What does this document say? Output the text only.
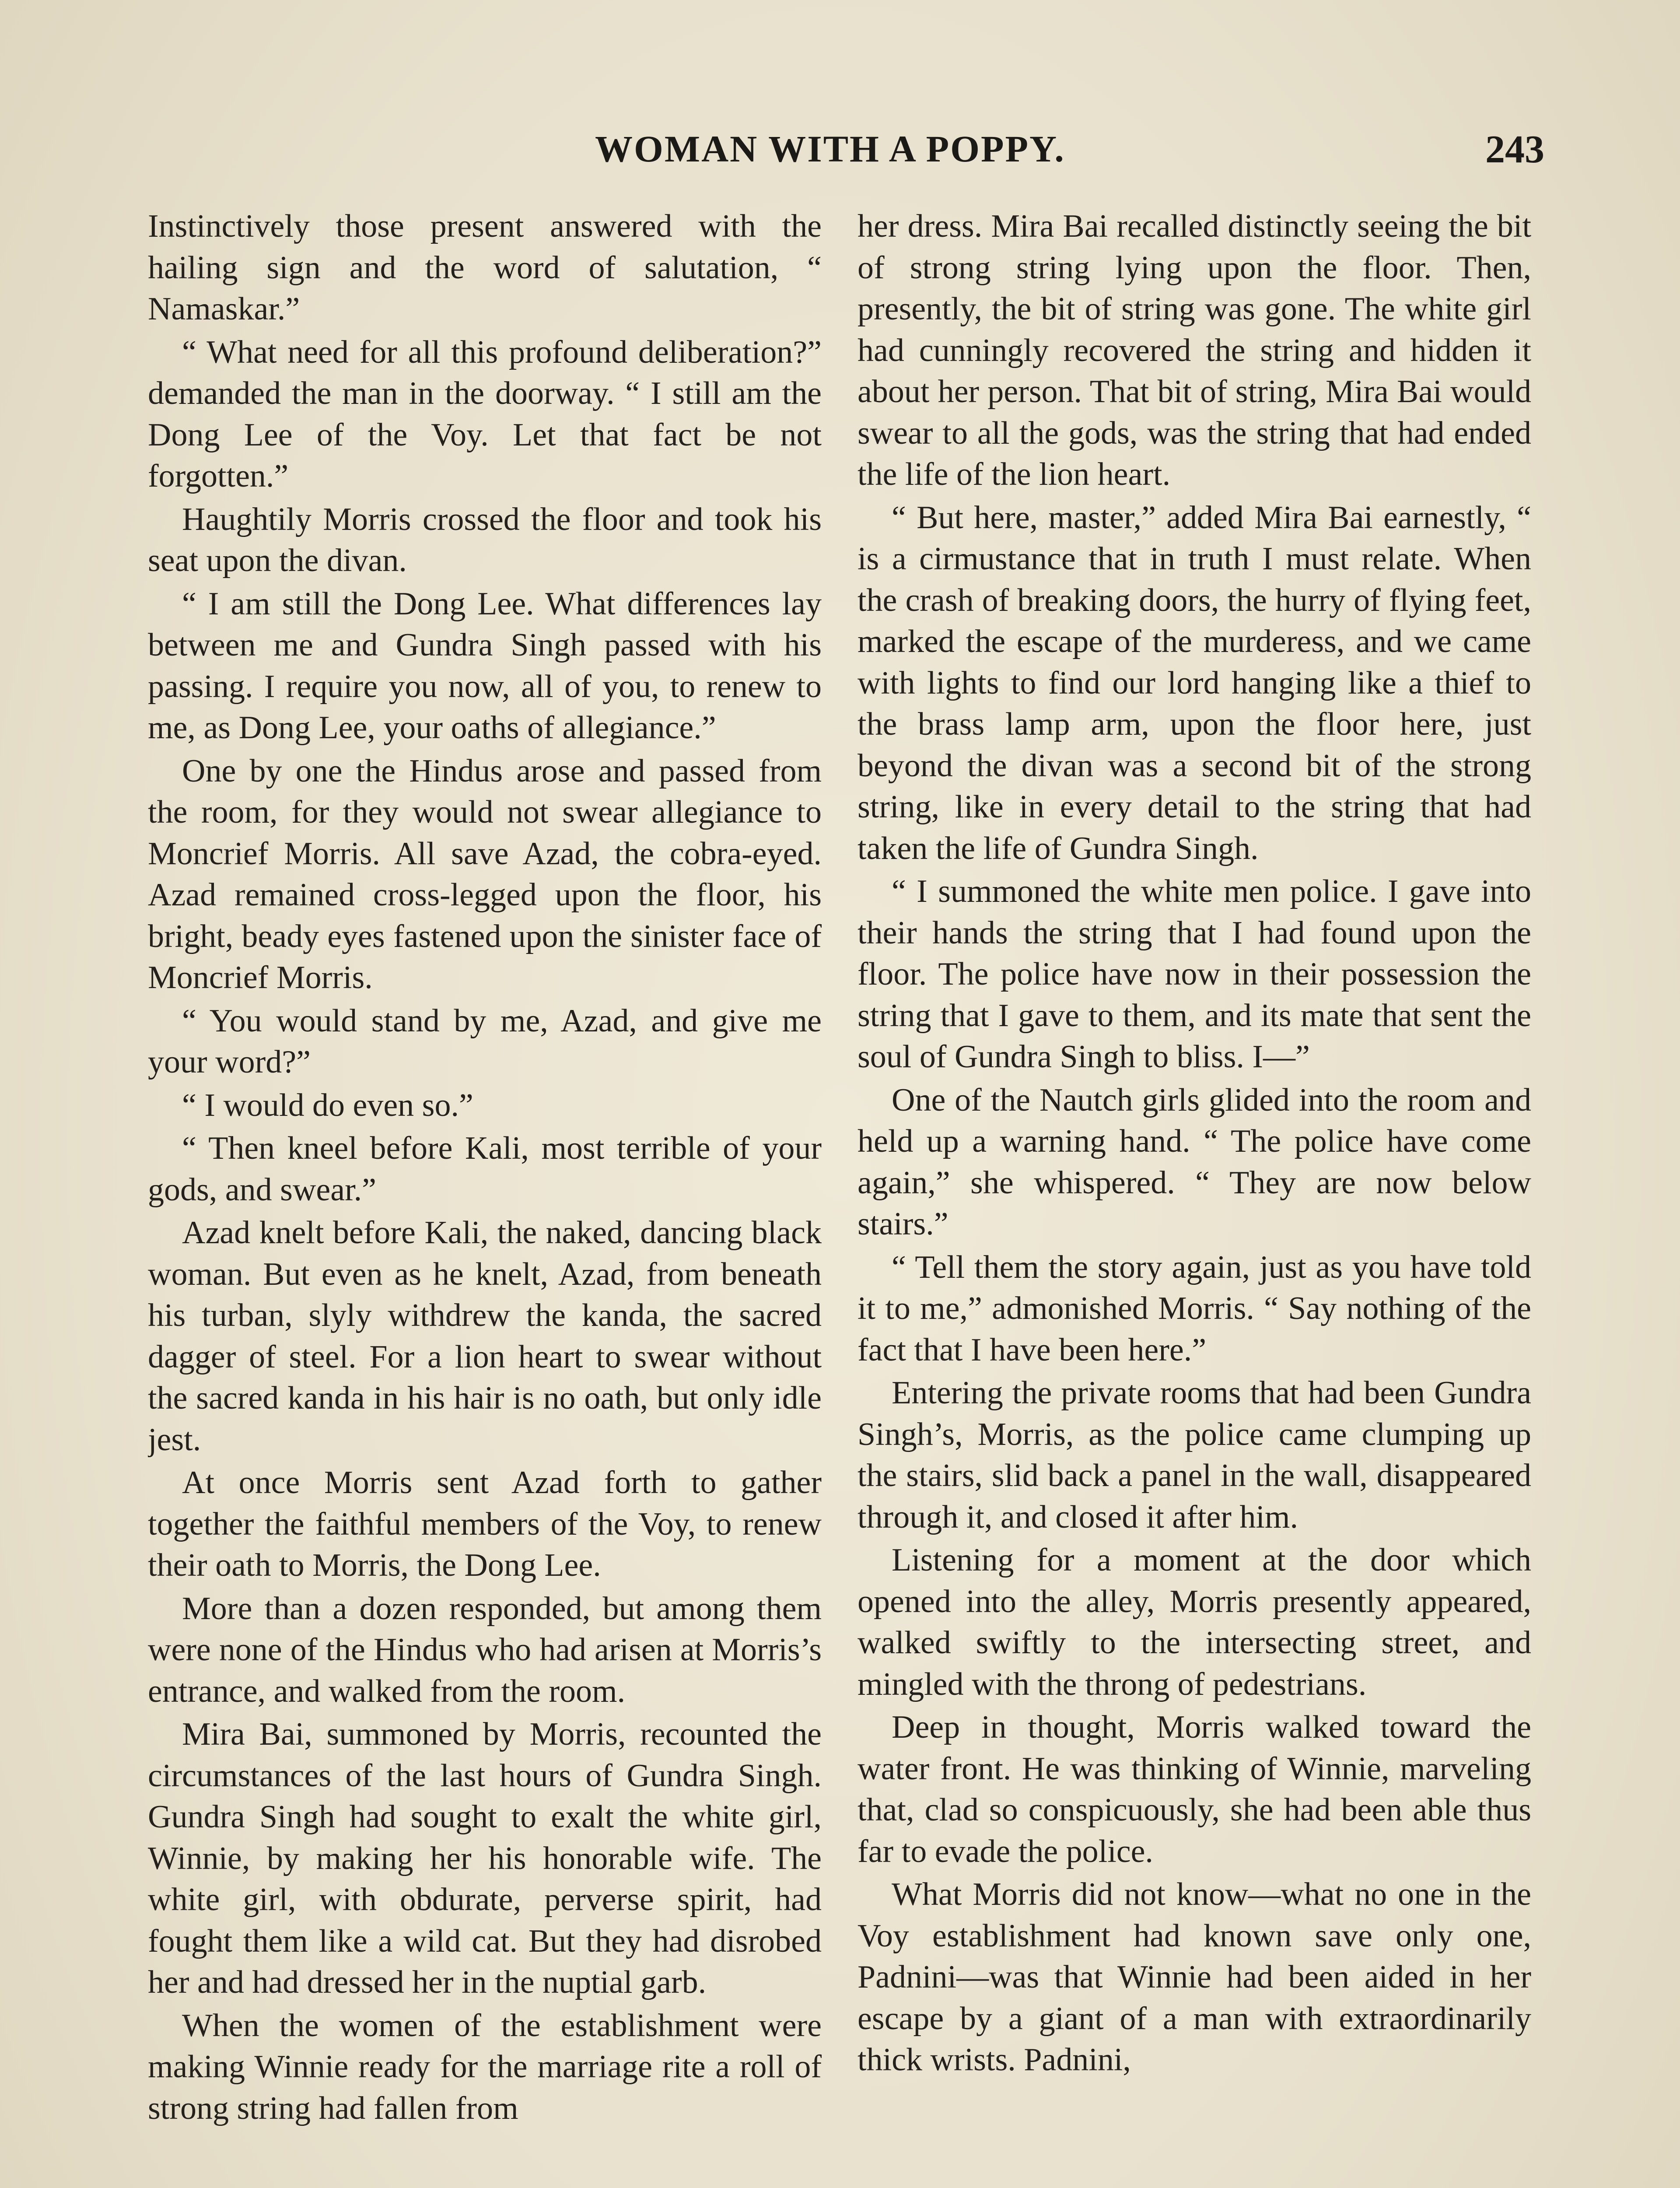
WOMAN WITH A POPPY.	243

Instinctively those present answered with the hailing sign and the word of salutation, “ Namaskar.”

“ What need for all this profound deliberation?” demanded the man in the doorway. “ I still am the Dong Lee of the Voy. Let that fact be not forgotten.”

Haughtily Morris crossed the floor and took his seat upon the divan.

“ I am still the Dong Lee. What differences lay between me and Gundra Singh passed with his passing. I require you now, all of you, to renew to me, as Dong Lee, your oaths of allegiance.”

One by one the Hindus arose and passed from the room, for they would not swear allegiance to Moncrief Morris. All save Azad, the cobra-eyed. Azad remained cross-legged upon the floor, his bright, beady eyes fastened upon the sinister face of Moncrief Morris.

“ You would stand by me, Azad, and give me your word?”

“ I would do even so.”

“ Then kneel before Kali, most terrible of your gods, and swear.”

Azad knelt before Kali, the naked, dancing black woman. But even as he knelt, Azad, from beneath his turban, slyly withdrew the kanda, the sacred dagger of steel. For a lion heart to swear without the sacred kanda in his hair is no oath, but only idle jest.

At once Morris sent Azad forth to gather together the faithful members of the Voy, to renew their oath to Morris, the Dong Lee.

More than a dozen responded, but among them were none of the Hindus who had arisen at Morris’s entrance, and walked from the room.

Mira Bai, summoned by Morris, recounted the circumstances of the last hours of Gundra Singh. Gundra Singh had sought to exalt the white girl, Winnie, by making her his honorable wife. The white girl, with obdurate, perverse spirit, had fought them like a wild cat. But they had disrobed her and had dressed her in the nuptial garb.

When the women of the establishment were making Winnie ready for the marriage rite a roll of strong string had fallen from

her dress. Mira Bai recalled distinctly seeing the bit of strong string lying upon the floor. Then, presently, the bit of string was gone. The white girl had cunningly recovered the string and hidden it about her person. That bit of string, Mira Bai would swear to all the gods, was the string that had ended the life of the lion heart.

“ But here, master,” added Mira Bai earnestly, “ is a cirmustance that in truth I must relate. When the crash of breaking doors, the hurry of flying feet, marked the escape of the murderess, and we came with lights to find our lord hanging like a thief to the brass lamp arm, upon the floor here, just beyond the divan was a second bit of the strong string, like in every detail to the string that had taken the life of Gundra Singh.

“ I summoned the white men police. I gave into their hands the string that I had found upon the floor. The police have now in their possession the string that I gave to them, and its mate that sent the soul of Gundra Singh to bliss. I—”

One of the Nautch girls glided into the room and held up a warning hand. “ The police have come again,” she whispered. “ They are now below stairs.”

“ Tell them the story again, just as you have told it to me,” admonished Morris. “ Say nothing of the fact that I have been here.”

Entering the private rooms that had been Gundra Singh’s, Morris, as the police came clumping up the stairs, slid back a panel in the wall, disappeared through it, and closed it after him.

Listening for a moment at the door which opened into the alley, Morris presently appeared, walked swiftly to the intersecting street, and mingled with the throng of pedestrians.

Deep in thought, Morris walked toward the water front. He was thinking of Winnie, marveling that, clad so conspicuously, she had been able thus far to evade the police.

What Morris did not know—what no one in the Voy establishment had known save only one, Padnini—was that Winnie had been aided in her escape by a giant of a man with extraordinarily thick wrists. Padnini,
